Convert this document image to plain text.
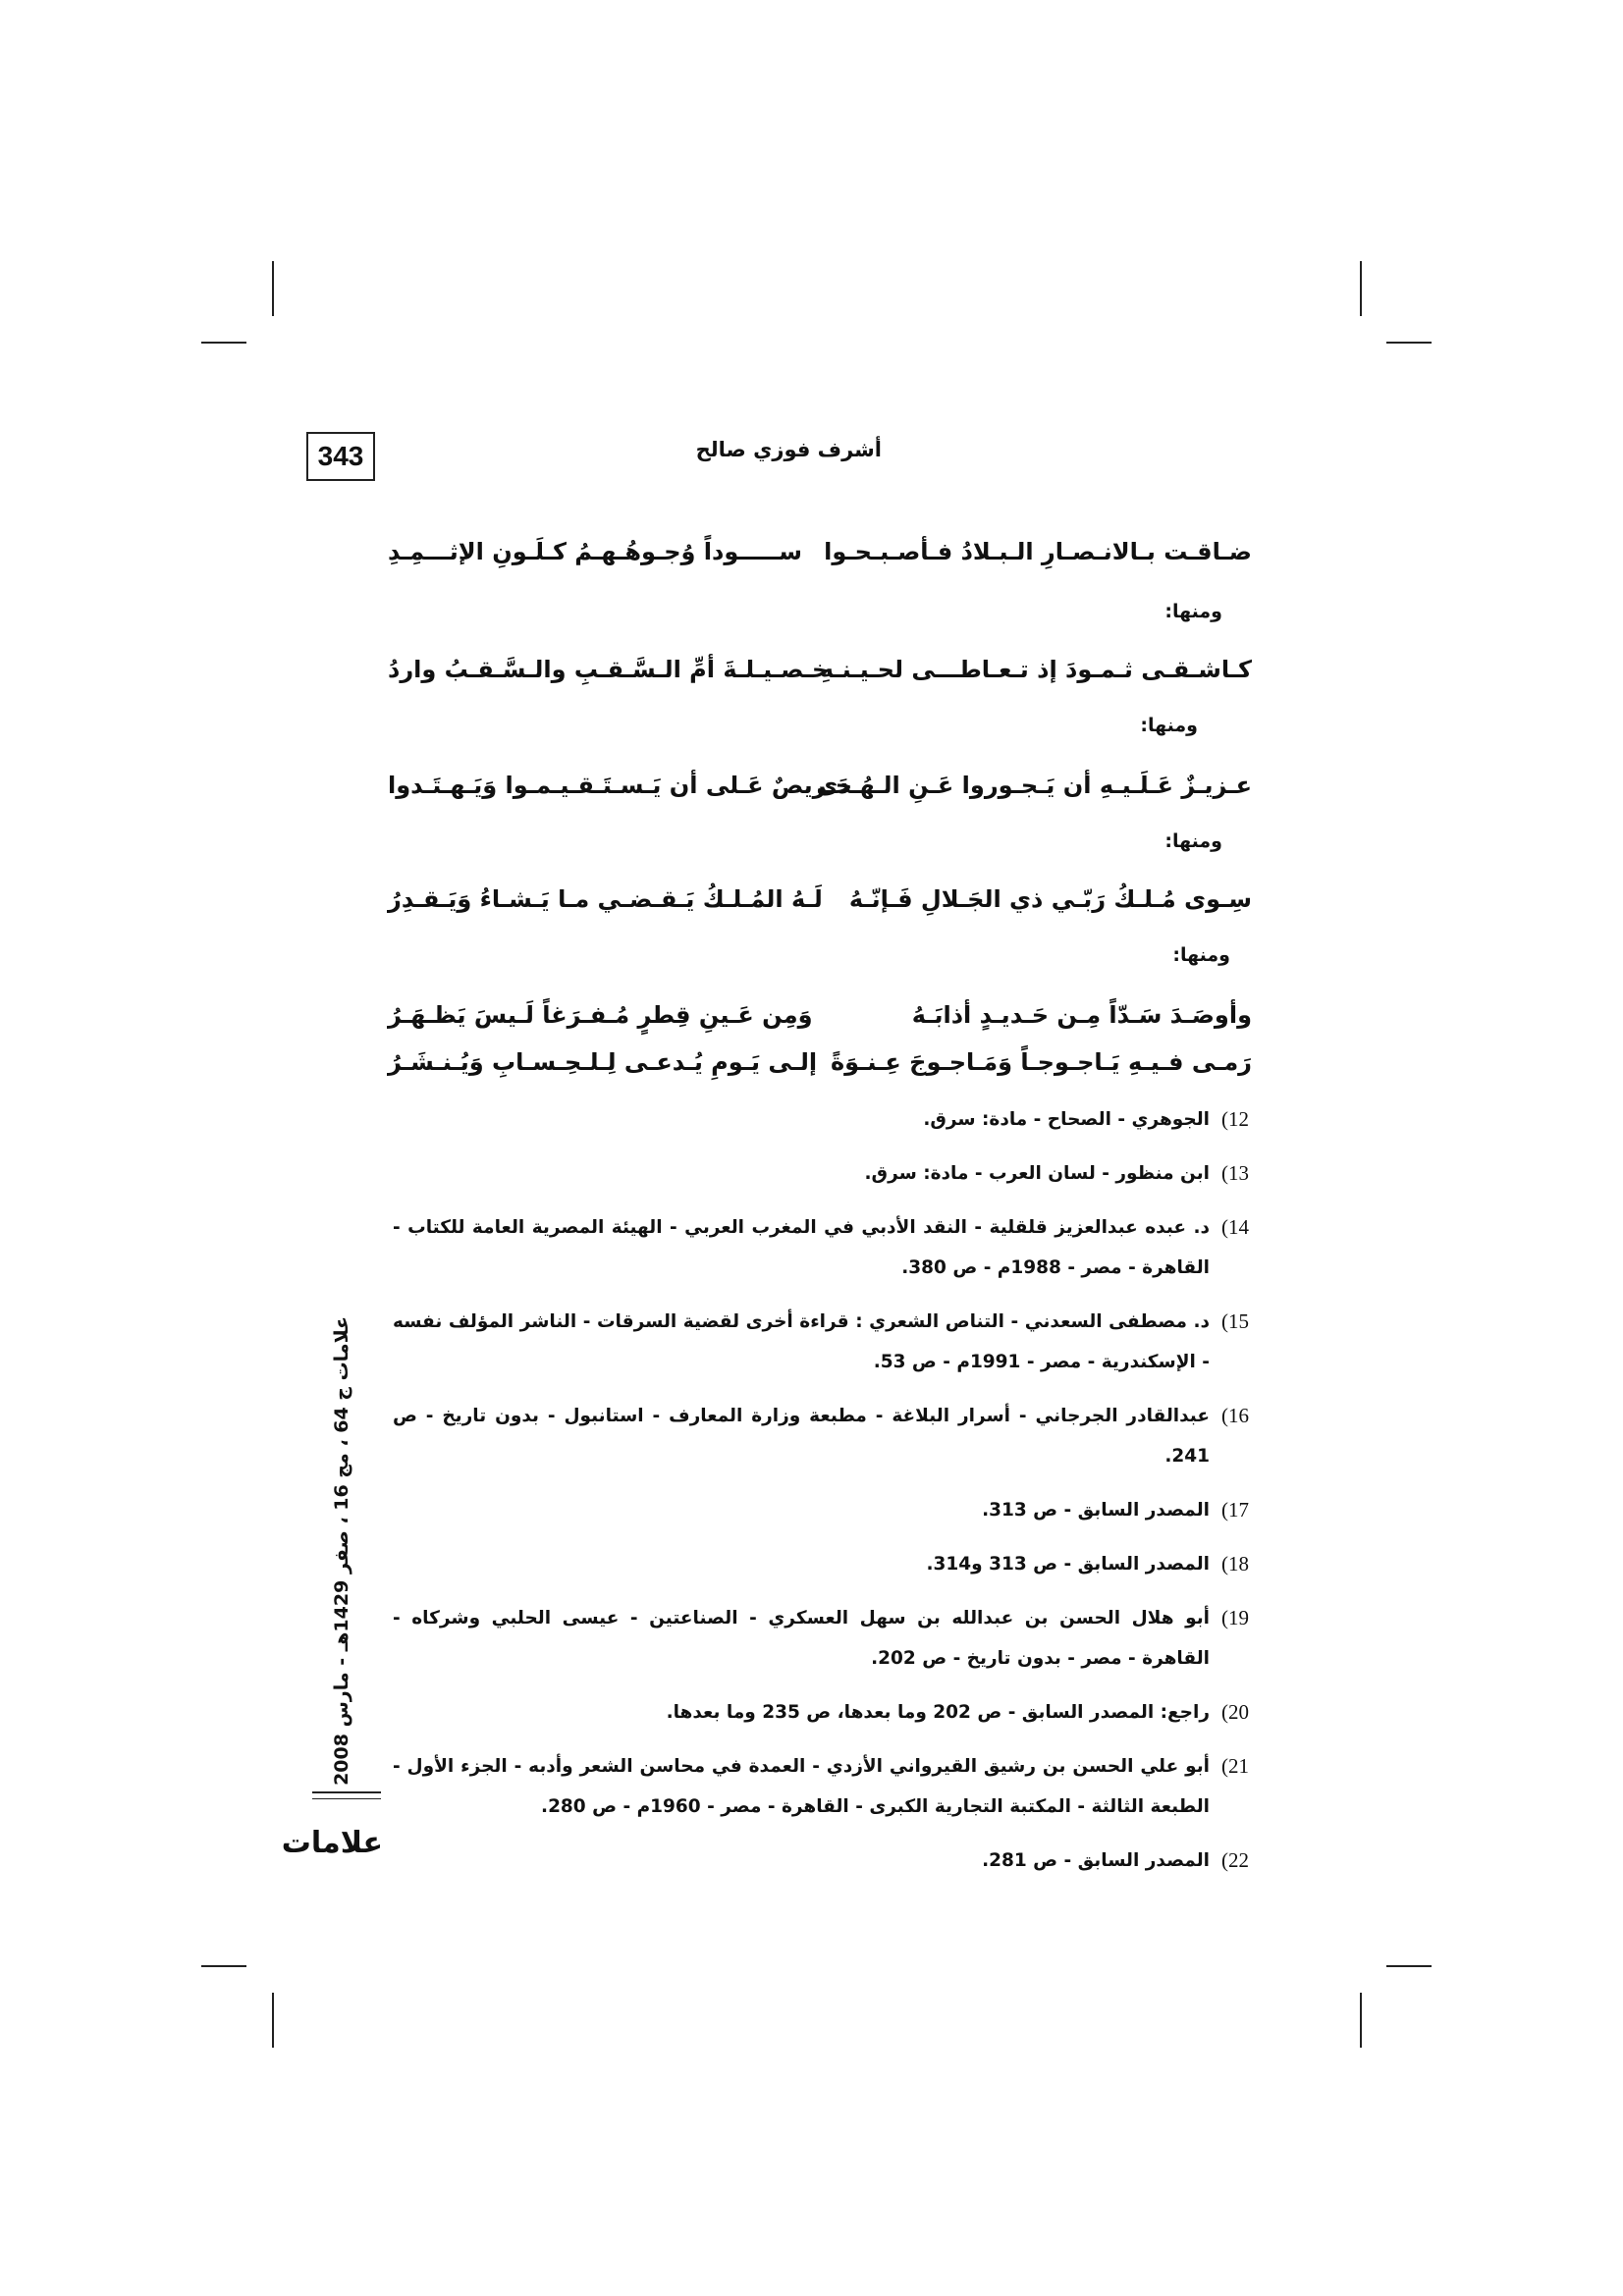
343	أشرف فوزي صالح
ضـاقـت بـالانـصـارِ الـبـلادُ فـأصـبـحـوا
ســـــوداً وُجـوهُـهـمُ كـلَـونِ الإثـــمِـدِ
ومنها:
كـاشـقـى ثـمـودَ إذ تـعـاطـــى لحـيـنـهِ
خـصـيـلـةَ أمِّ الـسَّـقـبِ والـسَّـقـبُ واردُ
ومنها:
عـزيـزٌ عَـلَـيـهِ أن يَـجـوروا عَـنِ الـهُـدى
حَـريصٌ عَـلى أن يَـسـتَـقـيـمـوا وَيَـهـتَـدوا
ومنها:
سِـوى مُـلـكُ رَبّـي ذي الجَـلالِ فَـإنّـهُ
لَـهُ المُـلـكُ يَـقـضـي مـا يَـشـاءُ وَيَـقـدِرُ
ومنها:
وأوصَـدَ سَـدّاً مِـن حَـديـدٍ أذابَـهُ
وَمِن عَـينِ قِطرٍ مُـفـرَغاً لَـيسَ يَظـهَـرُ
رَمـى فـيـهِ يَـاجـوجـاً وَمَـاجـوجَ عِـنـوَةً
إلـى يَـومِ يُـدعـى لِـلـحِـسـابِ وَيُـنـشَـرُ
12)
الجوهري - الصحاح - مادة: سرق.
13)
ابن منظور - لسان العرب - مادة: سرق.
14)
د. عبده عبدالعزيز قلقلية - النقد الأدبي في المغرب العربي - الهيئة المصرية العامة للكتاب - القاهرة - مصر - 1988م - ص 380.
15)
د. مصطفى السعدني - التناص الشعري : قراءة أخرى لقضية السرقات - الناشر المؤلف نفسه - الإسكندرية - مصر - 1991م - ص 53.
16)
عبدالقادر الجرجاني - أسرار البلاغة - مطبعة وزارة المعارف - استانبول - بدون تاريخ - ص 241.
17)
المصدر السابق - ص 313.
18)
المصدر السابق - ص 313 و314.
19)
أبو هلال الحسن بن عبدالله بن سهل العسكري - الصناعتين - عيسى الحلبي وشركاه - القاهرة - مصر - بدون تاريخ - ص 202.
20)
راجع: المصدر السابق - ص 202 وما بعدها، ص 235 وما بعدها.
21)
أبو علي الحسن بن رشيق القيرواني الأزدي - العمدة في محاسن الشعر وأدبه - الجزء الأول - الطبعة الثالثة - المكتبة التجارية الكبرى - القاهرة - مصر - 1960م - ص 280.
22)
المصدر السابق - ص 281.
علامات ج 64 ، مج 16 ، صفر 1429هـ - مارس 2008
علامات
